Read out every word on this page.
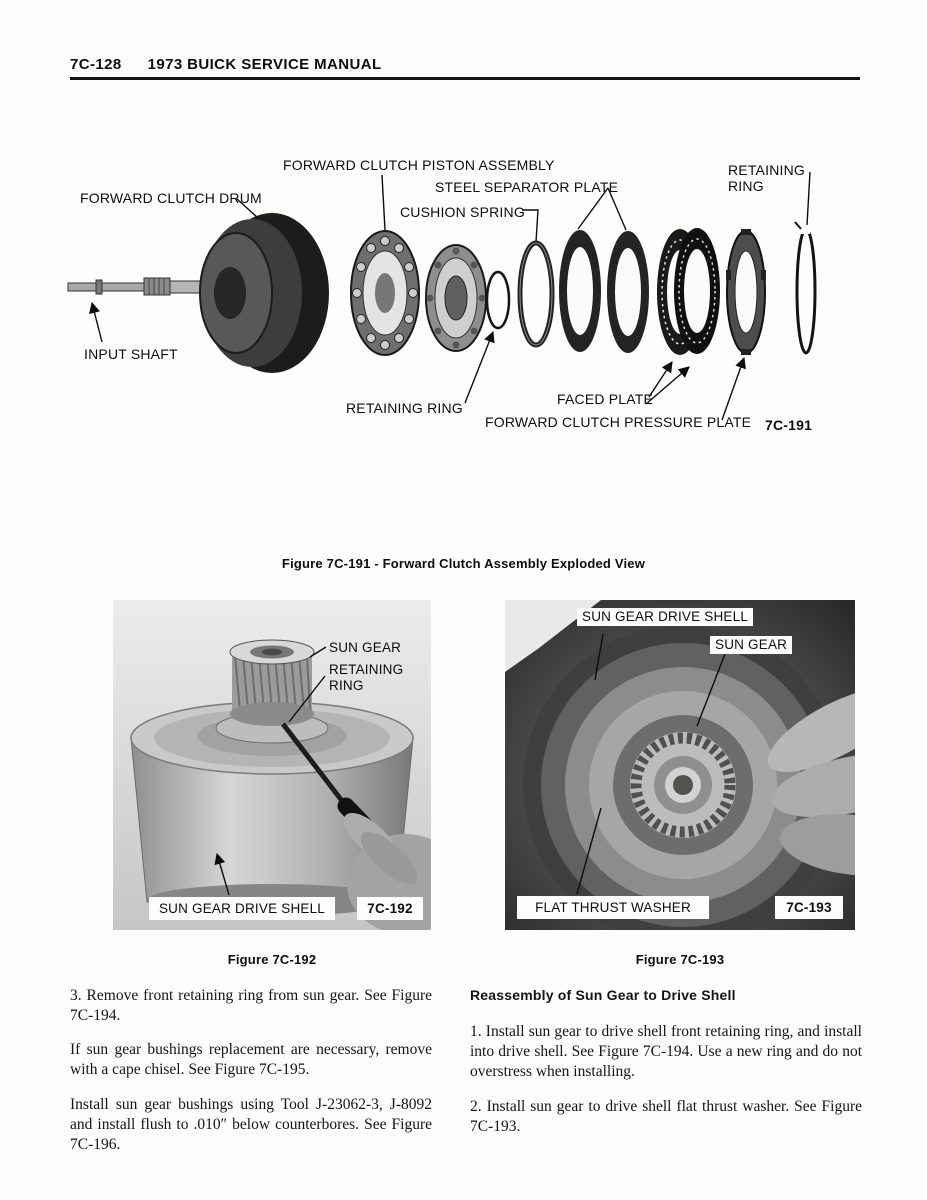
7C-128 1973 BUICK SERVICE MANUAL
FORWARD CLUTCH PISTON ASSEMBLY
FORWARD CLUTCH DRUM
STEEL SEPARATOR PLATE
CUSHION SPRING
RETAINING RING
INPUT SHAFT
RETAINING RING
FACED PLATE
FORWARD CLUTCH PRESSURE PLATE 7C-191
Figure 7C-191 - Forward Clutch Assembly Exploded View
SUN GEAR
RETAINING RING
SUN GEAR DRIVE SHELL	7C-192
SUN GEAR DRIVE SHELL
SUN GEAR
FLAT THRUST WASHER	7C-193
Figure 7C-192	Figure 7C-193

3. Remove front retaining ring from sun gear. See Figure 7C-194.

If sun gear bushings replacement are necessary, remove with a cape chisel. See Figure 7C-195.

Install sun gear bushings using Tool J-23062-3, J-8092 and install flush to .010″ below counterbores. See Figure 7C-196.

Reassembly of Sun Gear to Drive Shell

1. Install sun gear to drive shell front retaining ring, and install into drive shell. See Figure 7C-194. Use a new ring and do not overstress when installing.

2. Install sun gear to drive shell flat thrust washer. See Figure 7C-193.
